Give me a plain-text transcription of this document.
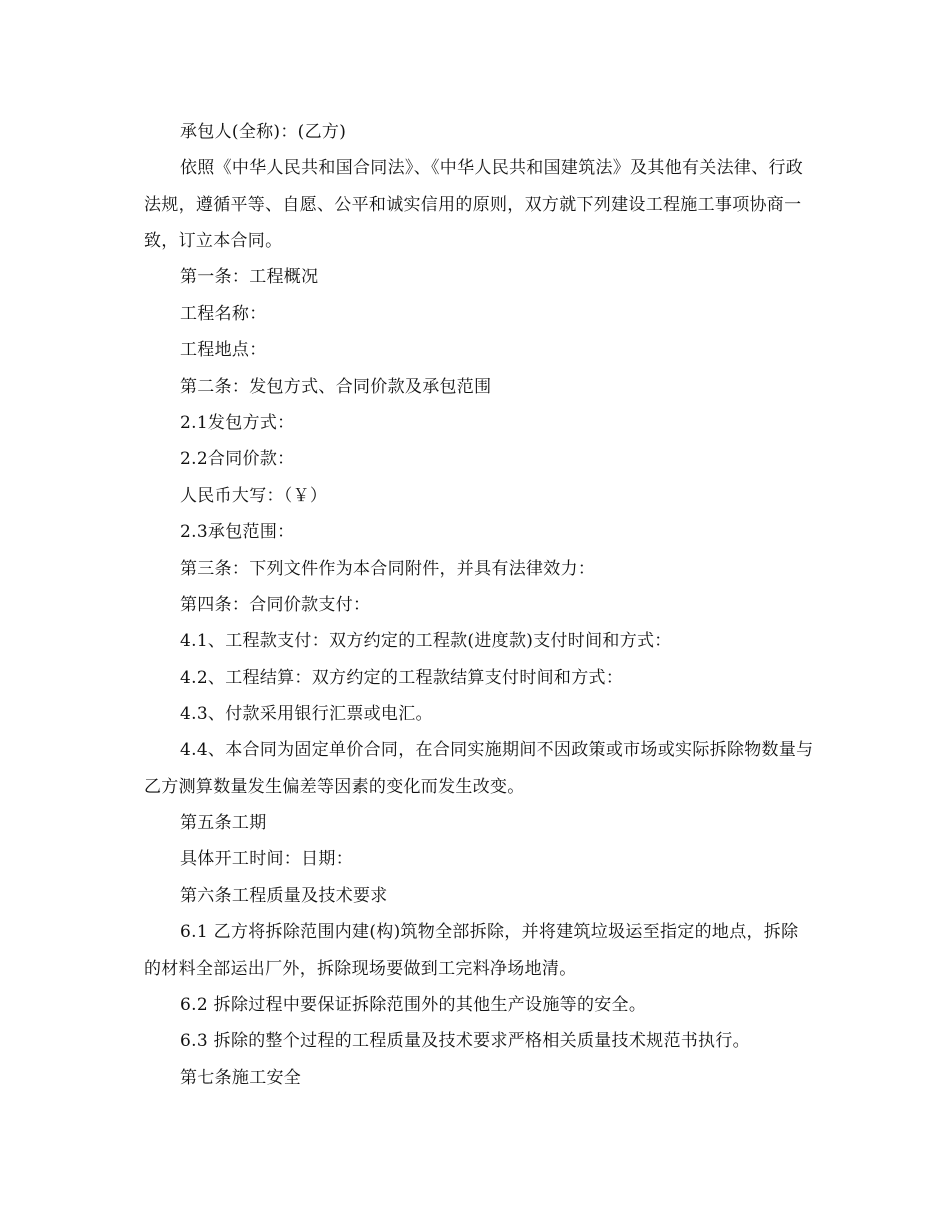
承包人(全称)：(乙方)

依照《中华人民共和国合同法》、《中华人民共和国建筑法》及其他有关法律、行政法规，遵循平等、自愿、公平和诚实信用的原则，双方就下列建设工程施工事项协商一致，订立本合同。

第一条：工程概况

工程名称：

工程地点：

第二条：发包方式、合同价款及承包范围

2.1发包方式：

2.2合同价款：

人民币大写：（￥）

2.3承包范围：

第三条：下列文件作为本合同附件，并具有法律效力：

第四条：合同价款支付：

4.1、工程款支付：双方约定的工程款(进度款)支付时间和方式：

4.2、工程结算：双方约定的工程款结算支付时间和方式：

4.3、付款采用银行汇票或电汇。

4.4、本合同为固定单价合同，在合同实施期间不因政策或市场或实际拆除物数量与乙方测算数量发生偏差等因素的变化而发生改变。

第五条工期

具体开工时间：日期：

第六条工程质量及技术要求

6.1 乙方将拆除范围内建(构)筑物全部拆除，并将建筑垃圾运至指定的地点，拆除的材料全部运出厂外，拆除现场要做到工完料净场地清。

6.2 拆除过程中要保证拆除范围外的其他生产设施等的安全。

6.3 拆除的整个过程的工程质量及技术要求严格相关质量技术规范书执行。

第七条施工安全
